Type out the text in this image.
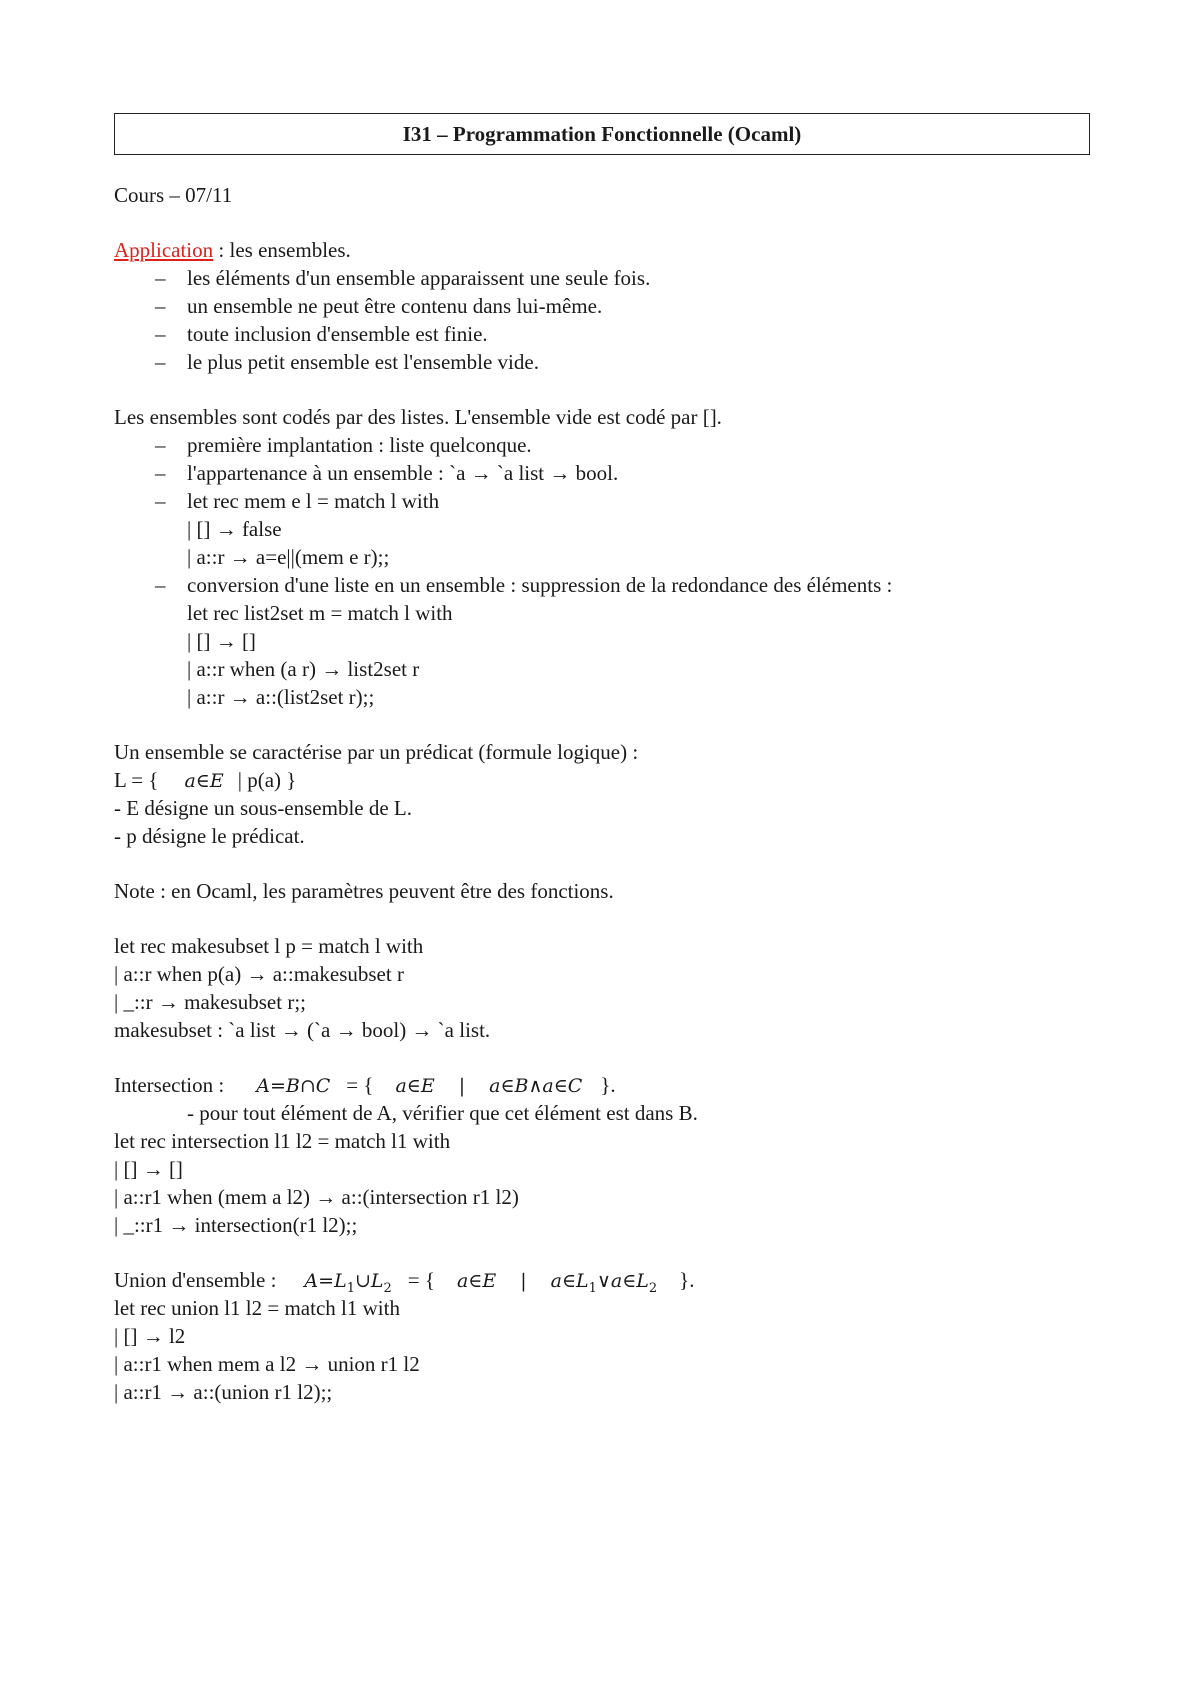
I31 – Programmation Fonctionnelle (Ocaml)
Cours – 07/11
Application : les ensembles.
–	les éléments d'un ensemble apparaissent une seule fois.
–	un ensemble ne peut être contenu dans lui-même.
–	toute inclusion d'ensemble est finie.
–	le plus petit ensemble est l'ensemble vide.
Les ensembles sont codés par des listes. L'ensemble vide est codé par [].
–	première implantation : liste quelconque.
–	l'appartenance à un ensemble : `a → `a list → bool.
–	let rec mem e l = match l with
| [] → false
| a::r → a=e||(mem e r);;
–	conversion d'une liste en un ensemble : suppression de la redondance des éléments :
let rec list2set m = match l with
| [] → []
| a::r when (a r) → list2set r
| a::r → a::(list2set r);;
Un ensemble se caractérise par un prédicat (formule logique) :
L = { a∈E | p(a) }
- E désigne un sous-ensemble de L.
- p désigne le prédicat.
Note : en Ocaml, les paramètres peuvent être des fonctions.
let rec makesubset l p = match l with
| a::r when p(a) → a::makesubset r
| _::r → makesubset r;;
makesubset : `a list → (`a → bool) → `a list.
Intersection : A=B∩C = { a∈E | a∈B∧a∈C }.
- pour tout élément de A, vérifier que cet élément est dans B.
let rec intersection l1 l2 = match l1 with
| [] → []
| a::r1 when (mem a l2) → a::(intersection r1 l2)
| _::r1 → intersection(r1 l2);;
Union d'ensemble : $A=L_1\cup L_2$ = { a∈E | $a\in L_1\vee a\in L_2$ }.
let rec union l1 l2 = match l1 with
| [] → l2
| a::r1 when mem a l2 → union r1 l2
| a::r1 → a::(union r1 l2);;
